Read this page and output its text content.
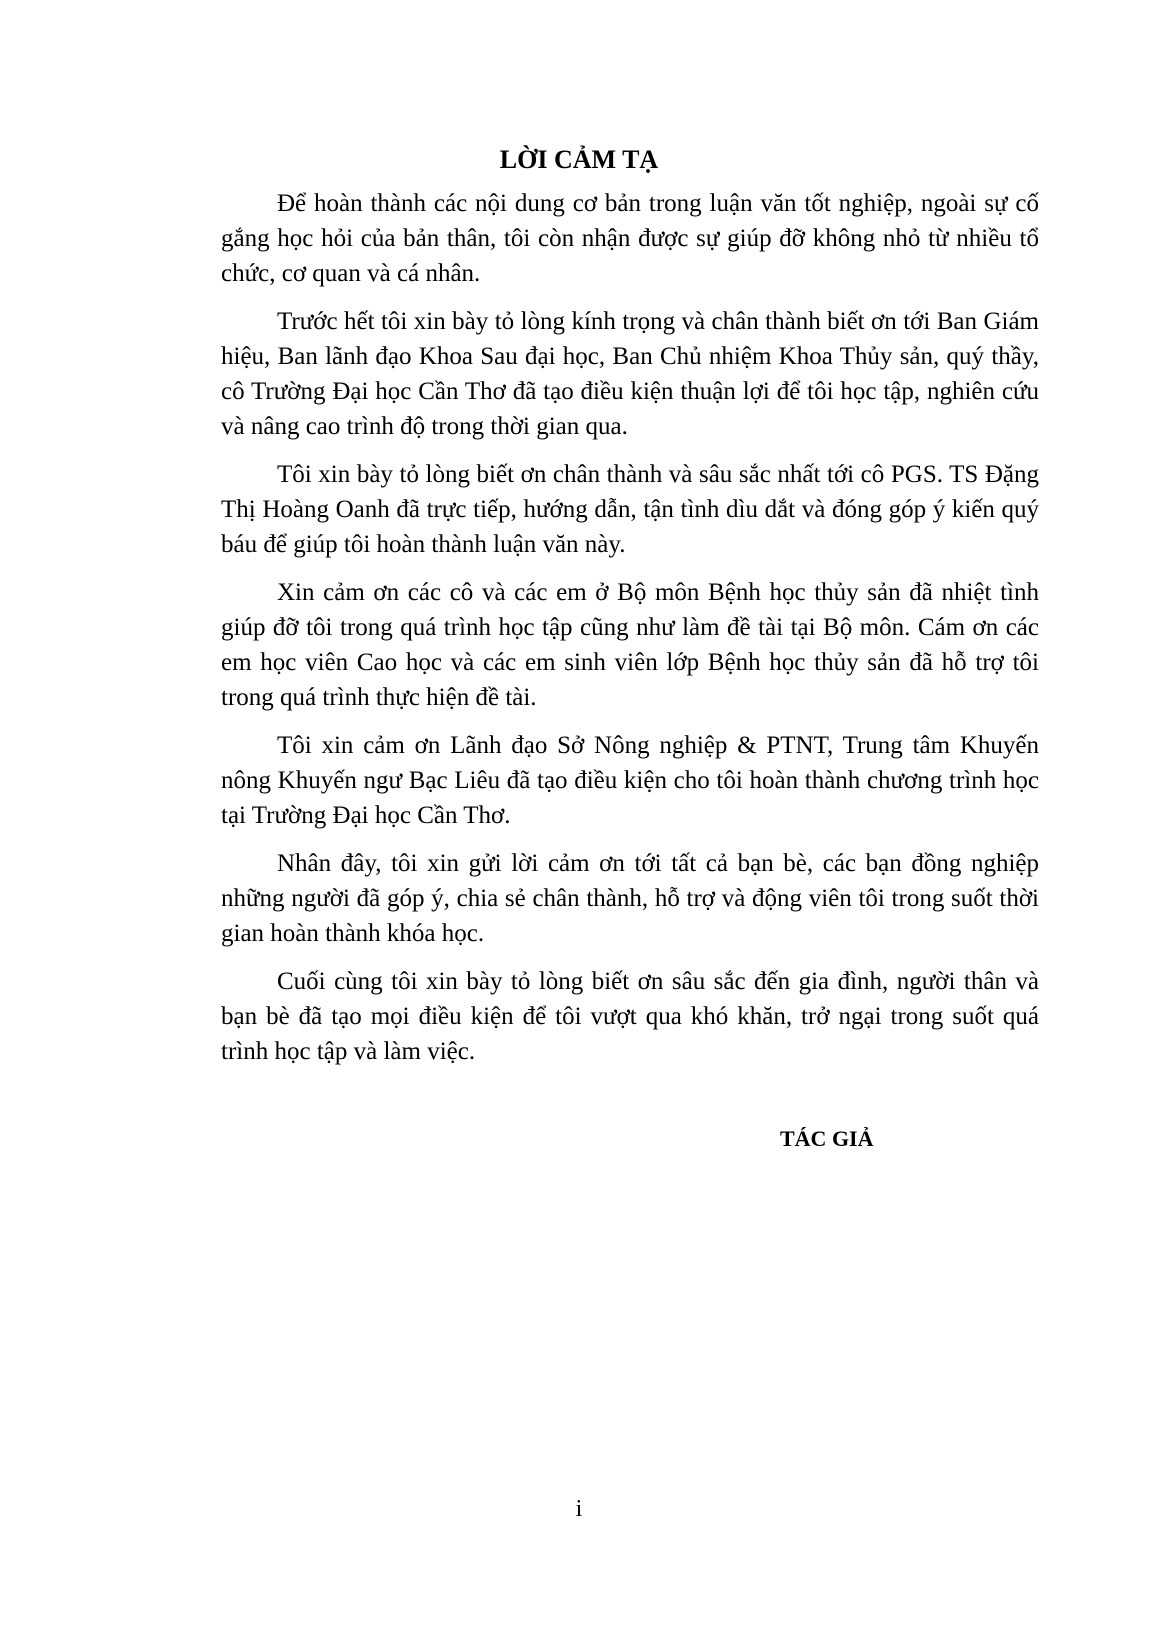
LỜI CẢM TẠ

Để hoàn thành các nội dung cơ bản trong luận văn tốt nghiệp, ngoài sự cố gắng học hỏi của bản thân, tôi còn nhận được sự giúp đỡ không nhỏ từ nhiều tổ chức, cơ quan và cá nhân.

Trước hết tôi xin bày tỏ lòng kính trọng và chân thành biết ơn tới Ban Giám hiệu, Ban lãnh đạo Khoa Sau đại học, Ban Chủ nhiệm Khoa Thủy sản, quý thầy, cô Trường Đại học Cần Thơ đã tạo điều kiện thuận lợi để tôi học tập, nghiên cứu và nâng cao trình độ trong thời gian qua.

Tôi xin bày tỏ lòng biết ơn chân thành và sâu sắc nhất tới cô PGS. TS Đặng Thị Hoàng Oanh đã trực tiếp, hướng dẫn, tận tình dìu dắt và đóng góp ý kiến quý báu để giúp tôi hoàn thành luận văn này.

Xin cảm ơn các cô và các em ở Bộ môn Bệnh học thủy sản đã nhiệt tình giúp đỡ tôi trong quá trình học tập cũng như làm đề tài tại Bộ môn. Cám ơn các em học viên Cao học và các em sinh viên lớp Bệnh học thủy sản đã hỗ trợ tôi trong quá trình thực hiện đề tài.

Tôi xin cảm ơn Lãnh đạo Sở Nông nghiệp & PTNT, Trung tâm Khuyến nông Khuyến ngư Bạc Liêu đã tạo điều kiện cho tôi hoàn thành chương trình học tại Trường Đại học Cần Thơ.

Nhân đây, tôi xin gửi lời cảm ơn tới tất cả bạn bè, các bạn đồng nghiệp những người đã góp ý, chia sẻ chân thành, hỗ trợ và động viên tôi trong suốt thời gian hoàn thành khóa học.

Cuối cùng tôi xin bày tỏ lòng biết ơn sâu sắc đến gia đình, người thân và bạn bè đã tạo mọi điều kiện để tôi vượt qua khó khăn, trở ngại trong suốt quá trình học tập và làm việc.

TÁC GIẢ
i
